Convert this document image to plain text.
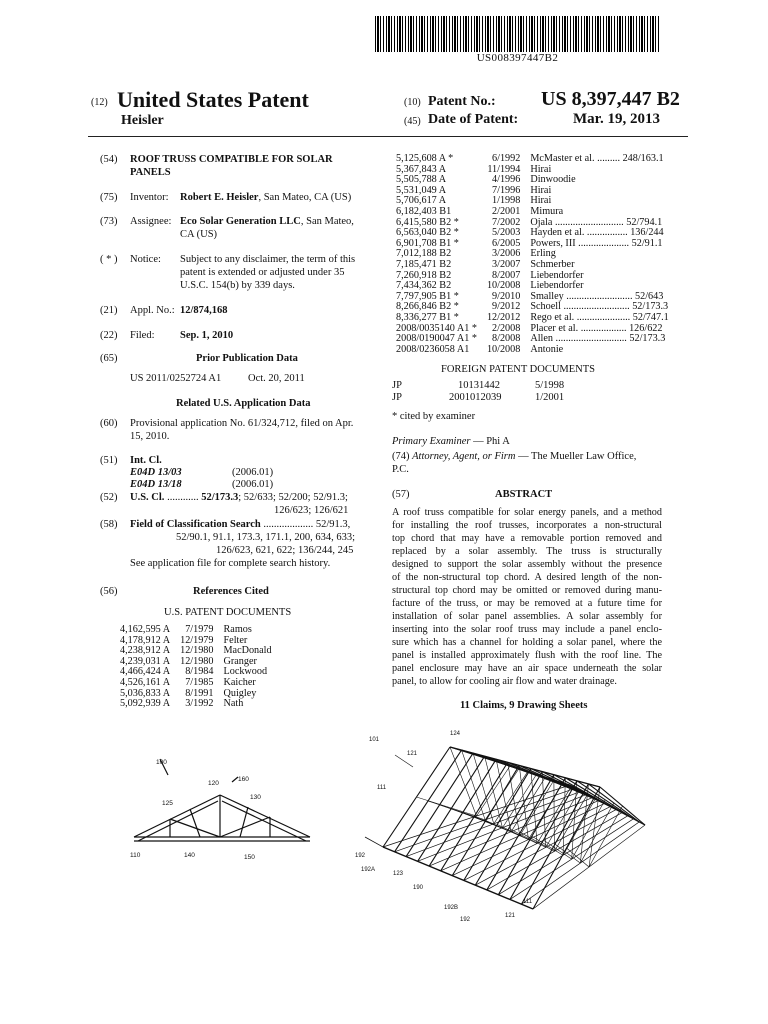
US008397447B2
(12) United States Patent
Heisler
(10) Patent No.: US 8,397,447 B2
(45) Date of Patent:	Mar. 19, 2013
(54) ROOF TRUSS COMPATIBLE FOR SOLAR
PANELS
(75) Inventor: Robert E. Heisler, San Mateo, CA (US)
(73) Assignee: Eco Solar Generation LLC, San Mateo,
CA (US)
( * ) Notice: Subject to any disclaimer, the term of this
patent is extended or adjusted under 35
U.S.C. 154(b) by 339 days.
(21) Appl. No.: 12/874,168
(22) Filed: Sep. 1, 2010
(65)	Prior Publication Data
US 2011/0252724 A1	Oct. 20, 2011
Related U.S. Application Data
(60) Provisional application No. 61/324,712, filed on Apr.
15, 2010.
(51) Int. Cl.
E04D 13/03	(2006.01)
E04D 13/18	(2006.01)
(52) U.S. Cl. ............ 52/173.3; 52/633; 52/200; 52/91.3;
126/623; 126/621
(58) Field of Classification Search ................... 52/91.3,
52/90.1, 91.1, 173.3, 171.1, 200, 634, 633;
126/623, 621, 622; 136/244, 245
See application file for complete search history.
(56)	References Cited
U.S. PATENT DOCUMENTS
4,162,595 A	7/1979	Ramos
4,178,912 A	12/1979	Felter
4,238,912 A	12/1980	MacDonald
4,239,031 A	12/1980	Granger
4,466,424 A	8/1984	Lockwood
4,526,161 A	7/1985	Kaicher
5,036,833 A	8/1991	Quigley
5,092,939 A	3/1992	Nath
5,125,608 A *	6/1992	McMaster et al. ......... 248/163.1
5,367,843 A	11/1994	Hirai
5,505,788 A	4/1996	Dinwoodie
5,531,049 A	7/1996	Hirai
5,706,617 A	1/1998	Hirai
6,182,403 B1	2/2001	Mimura
6,415,580 B2 *	7/2002	Ojala ........................... 52/794.1
6,563,040 B2 *	5/2003	Hayden et al. ................ 136/244
6,901,708 B1 *	6/2005	Powers, III .................... 52/91.1
7,012,188 B2	3/2006	Erling
7,185,471 B2	3/2007	Schmerber
7,260,918 B2	8/2007	Liebendorfer
7,434,362 B2	10/2008	Liebendorfer
7,797,905 B1 *	9/2010	Smalley .......................... 52/643
8,266,846 B2 *	9/2012	Schoell .......................... 52/173.3
8,336,277 B1 *	12/2012	Rego et al. ..................... 52/747.1
2008/0035140 A1 *	2/2008	Placer et al. .................. 126/622
2008/0190047 A1 *	8/2008	Allen ............................ 52/173.3
2008/0236058 A1	10/2008	Antonie
FOREIGN PATENT DOCUMENTS
JP	10131442	5/1998
JP	2001012039	1/2001
* cited by examiner
Primary Examiner — Phi A
(74) Attorney, Agent, or Firm — The Mueller Law Office,
P.C.
(57)	ABSTRACT
A roof truss compatible for solar energy panels, and a method
for installing the roof trusses, incorporates a non-structural
top chord that may have a removable portion removed and
replaced by a solar assembly. The truss is structurally
designed to support the solar assembly without the presence
of the non-structural top chord. A desired length of the non-
structural top chord may be omitted or removed during manu-
facture of the truss, or may be removed at a future time for
installation of solar panel assemblies. A solar assembly for
inserting into the solar roof truss may include a panel enclo-
sure which has a channel for holding a solar panel, where the
panel is installed approximately flush with the roof line. The
panel enclosure may have an air space underneath the solar
panel, to allow for cooling air flow and water drainage.
11 Claims, 9 Drawing Sheets
100
120
160
130
125
110	140	150
101
124
121
111
192
192A
123
190
111
192B
121
192
